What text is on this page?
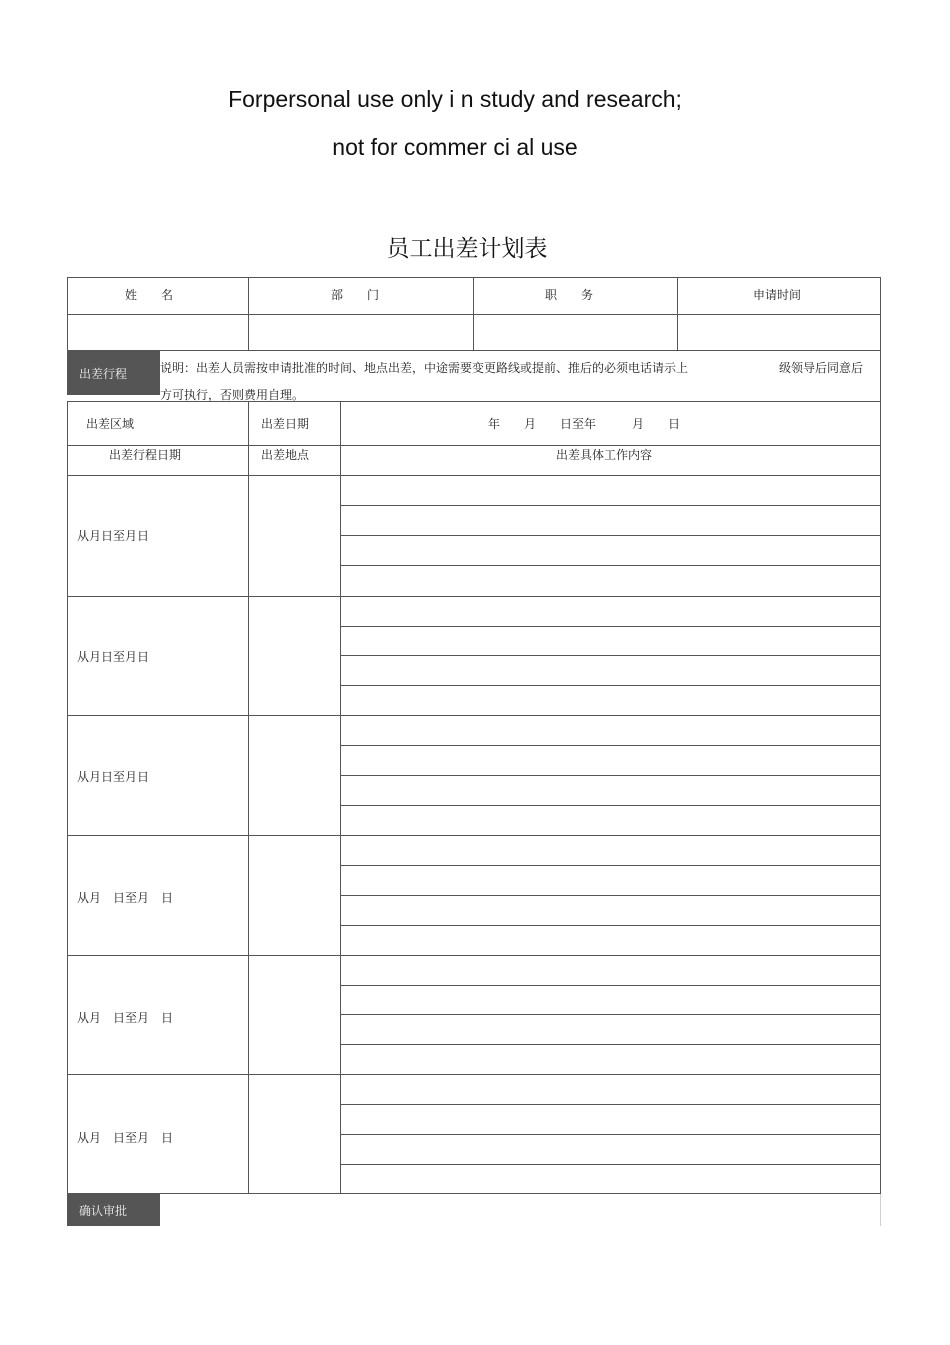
Forpersonal use only i n study and research;
not for commer ci al use
员工出差计划表
姓　　名	部　　门	职　　务	申请时间
出差行程	说明：出差人员需按申请批准的时间、地点出差，中途需要变更路线或提前、推后的必须电话请示上	级领导后同意后
方可执行，否则费用自理。
出差区域	出差日期	年　　月　　日至年　　　月　　日
出差行程日期	出差地点	出差具体工作内容
从月日至月日
从月日至月日
从月日至月日
从月　日至月　日
从月　日至月　日
从月　日至月　日
确认审批
